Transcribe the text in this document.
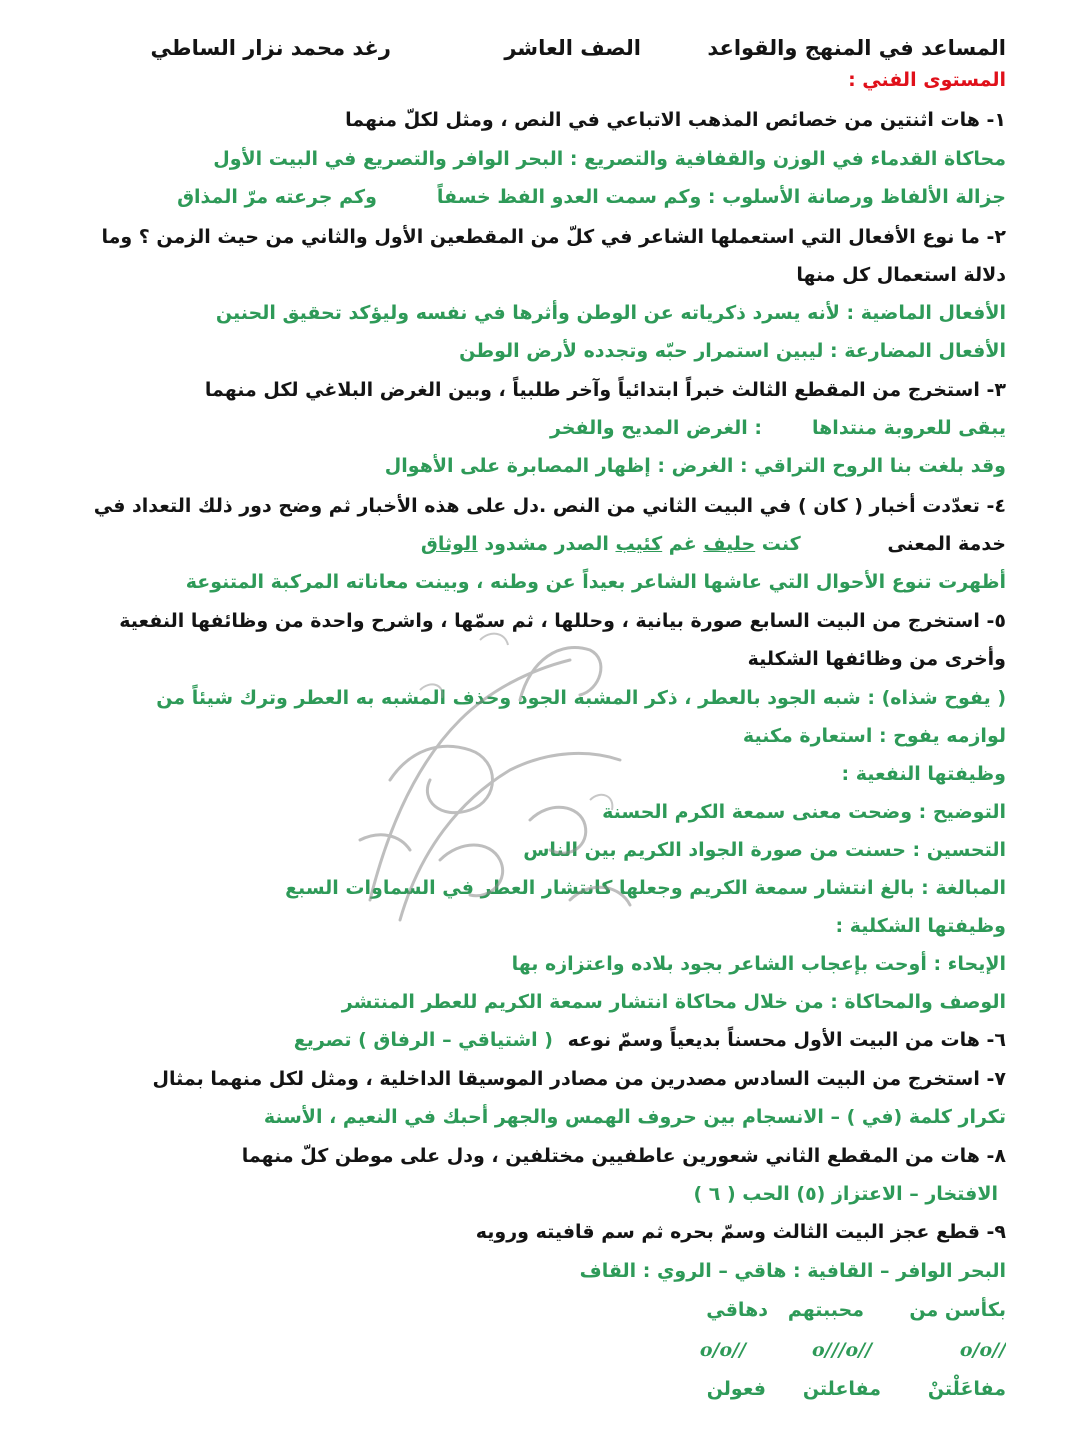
المساعد في المنهج والقواعد
الصف العاشر
رغد محمد نزار الساطي
المستوى الفني :
١- هات اثنتين من خصائص المذهب الاتباعي في النص ، ومثل لكلّ منهما
محاكاة القدماء في الوزن والقفافية والتصريع : البحر الوافر والتصريع في البيت الأول
جزالة الألفاظ ورصانة الأسلوب : وكم سمت العدو الفظ خسفاًوكم جرعته مرّ المذاق
٢- ما نوع الأفعال التي استعملها الشاعر في كلّ من المقطعين الأول والثاني من حيث الزمن ؟ وما
دلالة استعمال كل منها
الأفعال الماضية : لأنه يسرد ذكرياته عن الوطن وأثرها في نفسه وليؤكد تحقيق الحنين
الأفعال المضارعة : ليبين استمرار حبّه وتجدده لأرض الوطن
٣- استخرج من المقطع الثالث خبراً ابتدائياً وآخر طلبياً ، وبين الغرض البلاغي لكل منهما
يبقى للعروبة منتداها: الغرض المديح والفخر
وقد بلغت بنا الروح التراقي : الغرض : إظهار المصابرة على الأهوال
٤- تعدّدت أخبار ( كان ) في البيت الثاني من النص .دل على هذه الأخبار ثم وضح دور ذلك التعداد في
خدمة المعنى كنت حليف غم كئيب الصدر مشدود الوثاق
أظهرت تنوع الأحوال التي عاشها الشاعر بعيداً عن وطنه ، وبينت معاناته المركبة المتنوعة
٥- استخرج من البيت السابع صورة بيانية ، وحللها ، ثم سمّها ، واشرح واحدة من وظائفها النفعية
وأخرى من وظائفها الشكلية
( يفوح شذاه) : شبه الجود بالعطر ، ذكر المشبه الجود وحذف المشبه به العطر وترك شيئاً من
لوازمه يفوح : استعارة مكنية
وظيفتها النفعية :
التوضيح : وضحت معنى سمعة الكرم الحسنة
التحسين : حسنت من صورة الجواد الكريم بين الناس
المبالغة : بالغ انتشار سمعة الكريم وجعلها كانتشار العطر في السماوات السبع
وظيفتها الشكلية :
الإيحاء : أوحت بإعجاب الشاعر بجود بلاده واعتزازه بها
الوصف والمحاكاة : من خلال محاكاة انتشار سمعة الكريم للعطر المنتشر
٦- هات من البيت الأول محسناً بديعياً وسمّ نوعه ( اشتياقي – الرفاق ) تصريع
٧- استخرج من البيت السادس مصدرين من مصادر الموسيقا الداخلية ، ومثل لكل منهما بمثال
تكرار كلمة (في ) – الانسجام بين حروف الهمس والجهر أحبك في النعيم ، الأسنة
٨- هات من المقطع الثاني شعورين عاطفيين مختلفين ، ودل على موطن كلّ منهما
الافتخار – الاعتزاز (٥) الحب ( ٦ )
٩- قطع عجز البيت الثالث وسمّ بحره ثم سم قافيته ورويه
البحر الوافر – القافية : هاقي – الروي : القاف
بكأسن من
محببتهم
دهاقي
o/o//
o///o//
o/o//
مفاعَلْتنْ
مفاعلتن
فعولن
